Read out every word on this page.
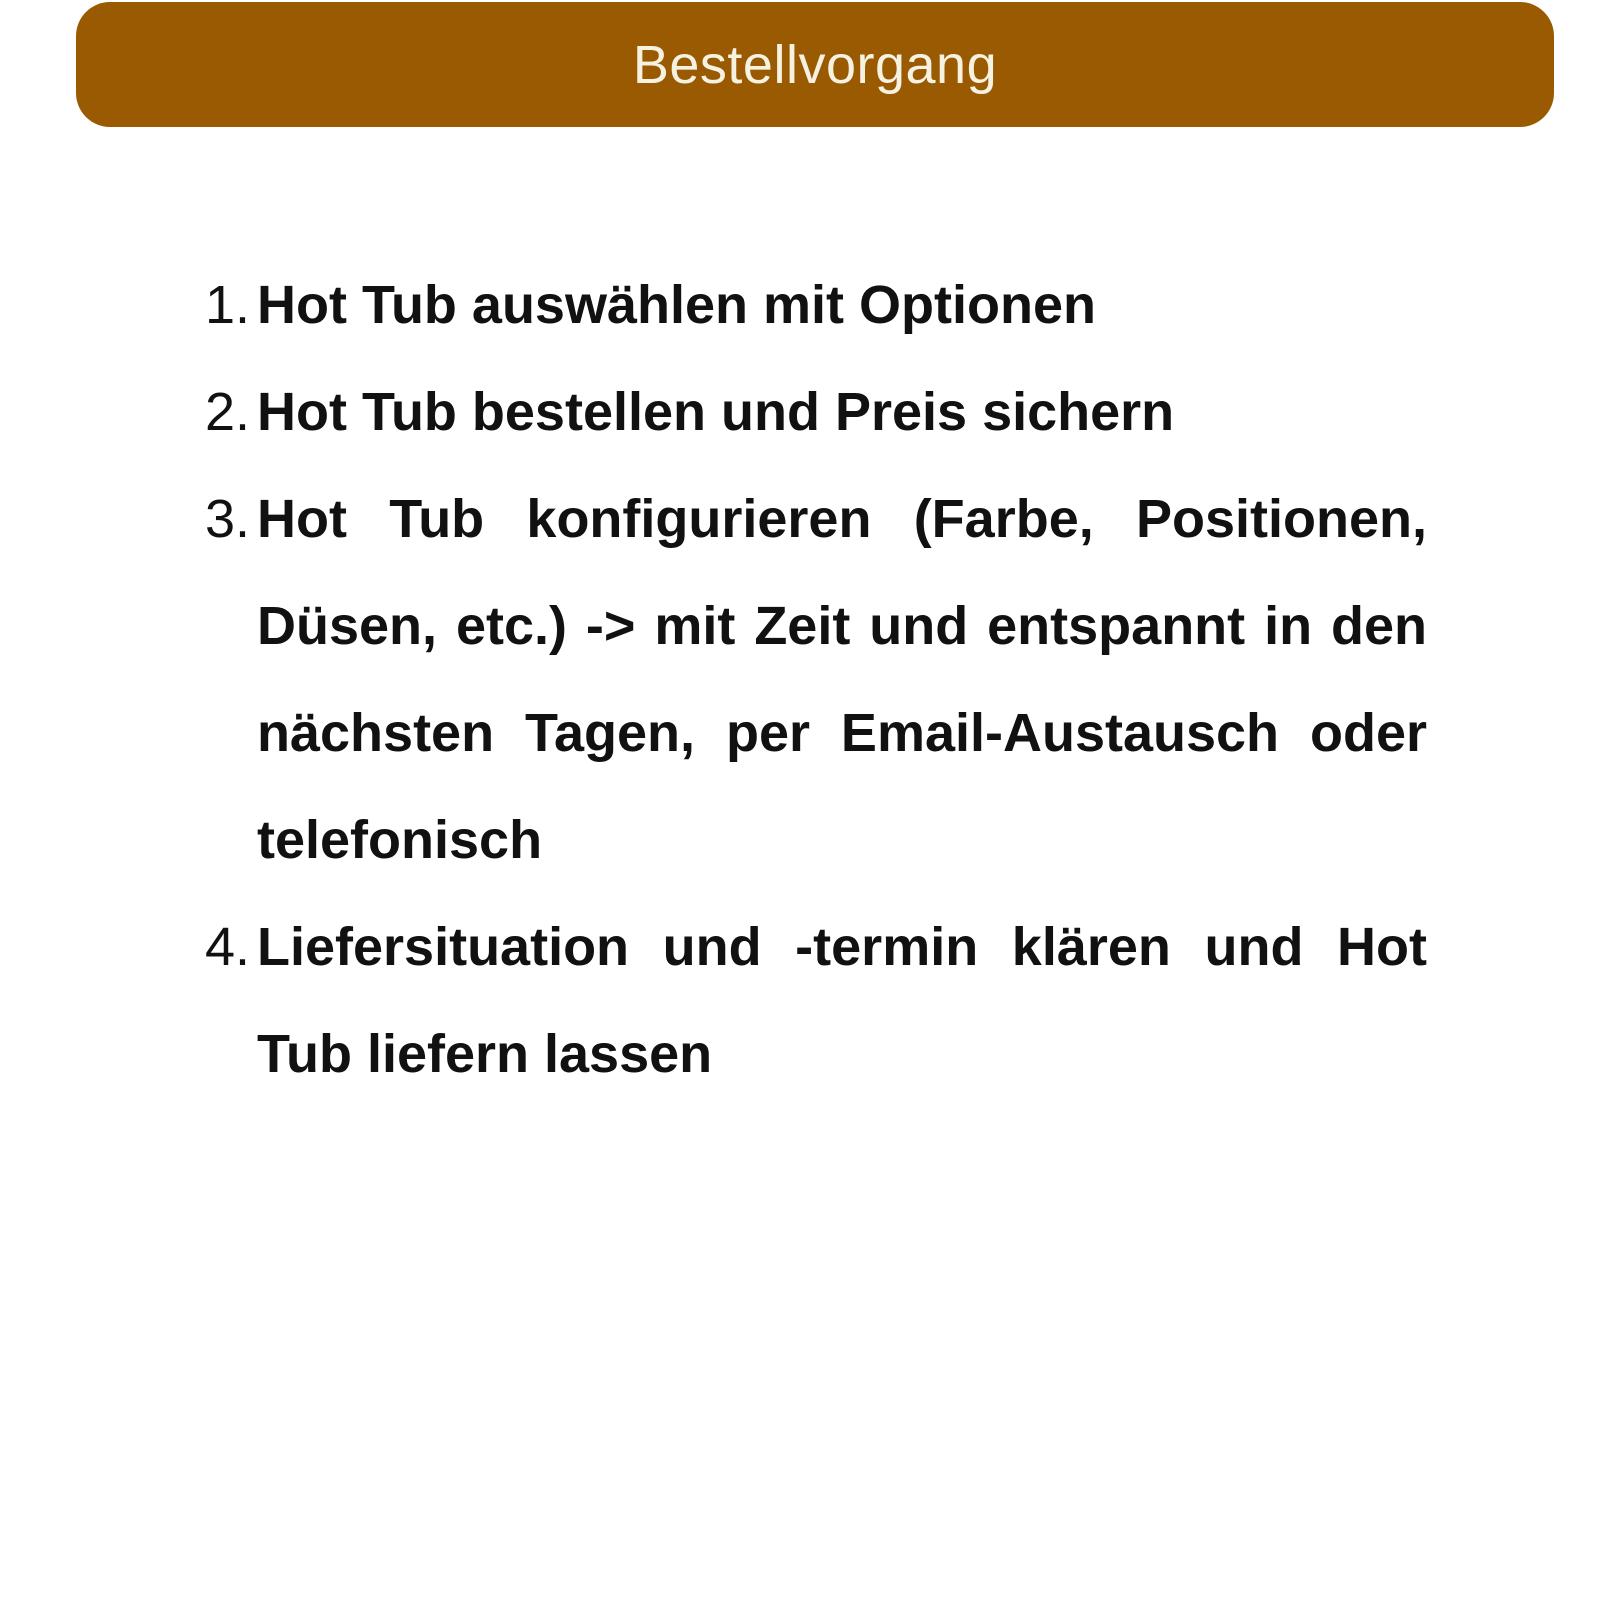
Bestellvorgang
1. Hot Tub auswählen mit Optionen
2. Hot Tub bestellen und Preis sichern
3. Hot Tub konfigurieren (Farbe, Positionen, Düsen, etc.) -> mit Zeit und entspannt in den nächsten Tagen, per Email-Austausch oder telefonisch
4. Liefersituation und -termin klären und Hot Tub liefern lassen
